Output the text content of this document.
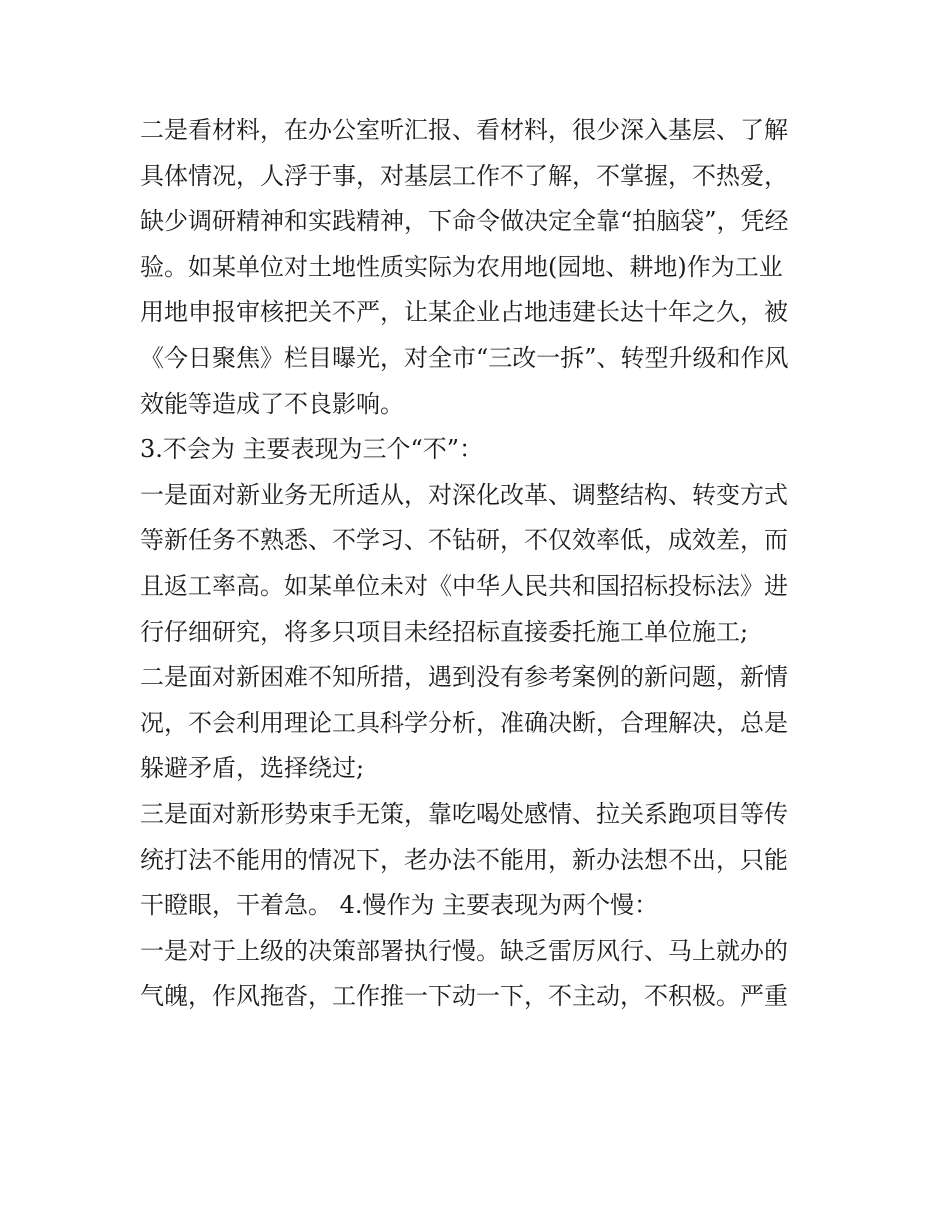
二是看材料，在办公室听汇报、看材料，很少深入基层、了解
具体情况，人浮于事，对基层工作不了解，不掌握，不热爱，
缺少调研精神和实践精神，下命令做决定全靠“拍脑袋”，凭经
验。如某单位对土地性质实际为农用地(园地、耕地)作为工业
用地申报审核把关不严，让某企业占地违建长达十年之久，被
《今日聚焦》栏目曝光，对全市“三改一拆”、转型升级和作风
效能等造成了不良影响。
3.不会为 主要表现为三个“不”：
一是面对新业务无所适从，对深化改革、调整结构、转变方式
等新任务不熟悉、不学习、不钻研，不仅效率低，成效差，而
且返工率高。如某单位未对《中华人民共和国招标投标法》进
行仔细研究，将多只项目未经招标直接委托施工单位施工;
二是面对新困难不知所措，遇到没有参考案例的新问题，新情
况，不会利用理论工具科学分析，准确决断，合理解决，总是
躲避矛盾，选择绕过;
三是面对新形势束手无策，靠吃喝处感情、拉关系跑项目等传
统打法不能用的情况下，老办法不能用，新办法想不出，只能
干瞪眼，干着急。 4.慢作为 主要表现为两个慢：
一是对于上级的决策部署执行慢。缺乏雷厉风行、马上就办的
气魄，作风拖沓，工作推一下动一下，不主动，不积极。严重
